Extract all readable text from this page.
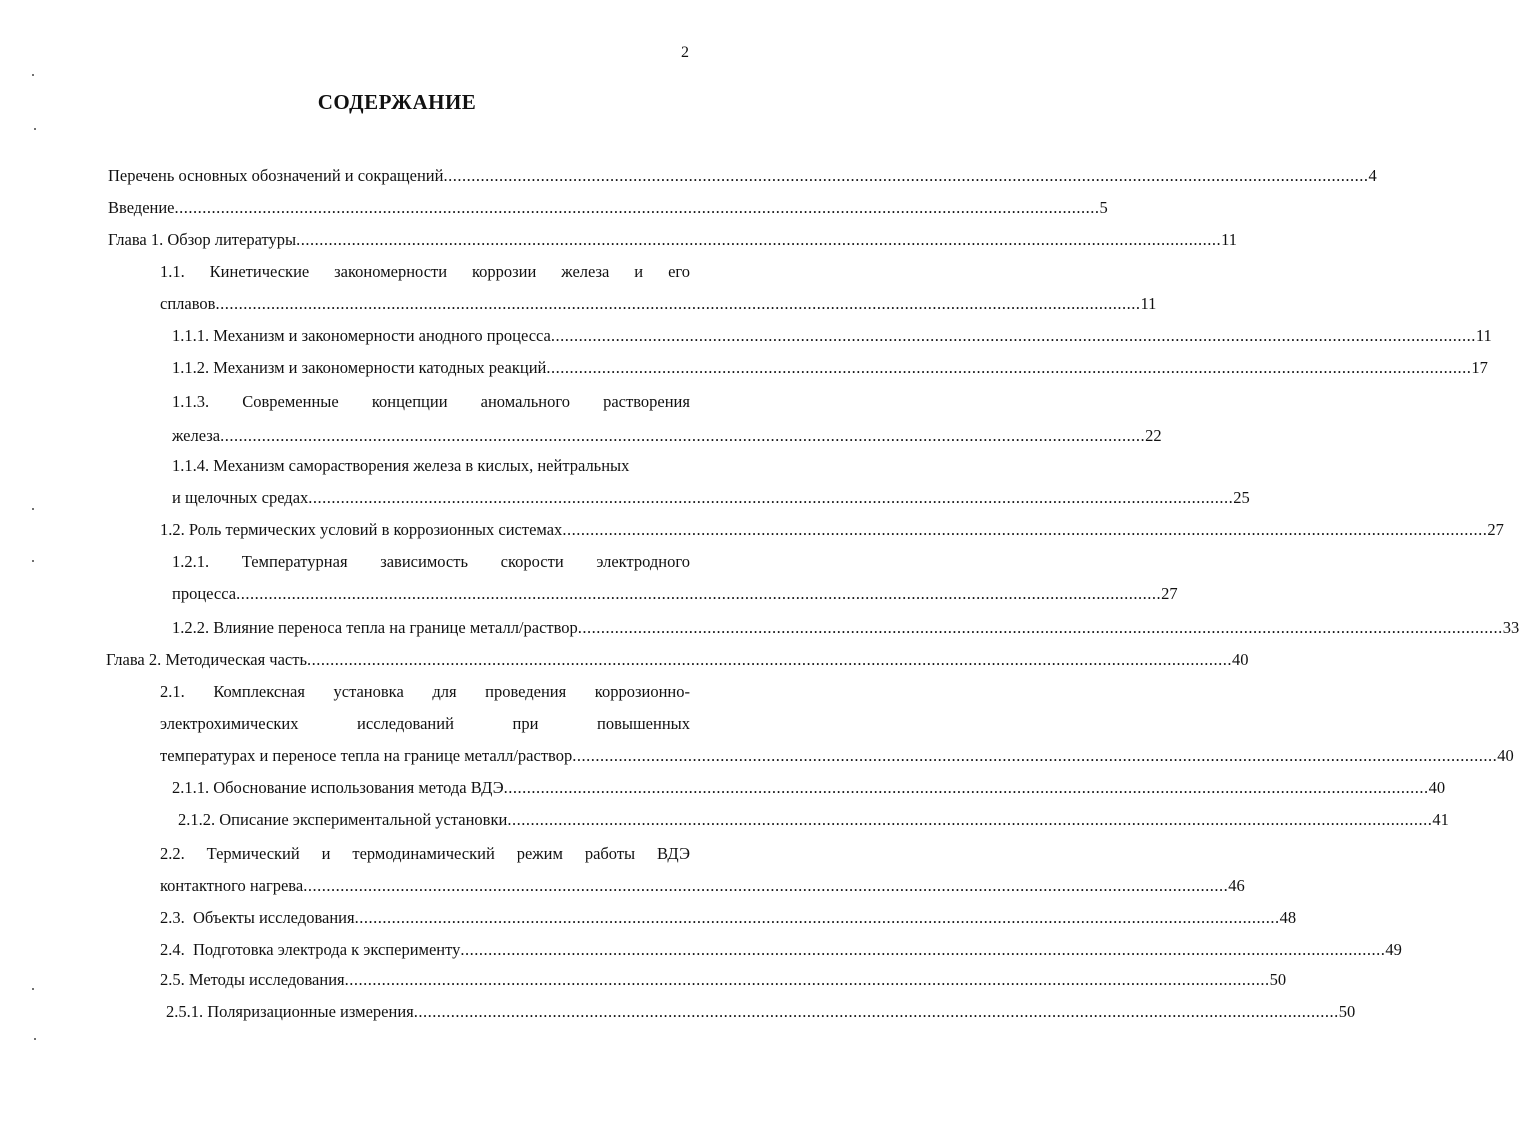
2
СОДЕРЖАНИЕ
Перечень основных обозначений и сокращений ........................................................................................................................................................................................................ 4
Введение ........................................................................................................................................................................................................ 5
Глава 1. Обзор литературы ........................................................................................................................................................................................................ 11
1.1. Кинетические закономерности коррозии железа и его
сплавов ........................................................................................................................................................................................................ 11
1.1.1. Механизм и закономерности анодного процесса ........................................................................................................................................................................................................ 11
1.1.2. Механизм и закономерности катодных реакций ........................................................................................................................................................................................................ 17
1.1.3. Современные концепции аномального растворения
железа ........................................................................................................................................................................................................ 22
1.1.4. Механизм саморастворения железа в кислых, нейтральных
и щелочных средах ........................................................................................................................................................................................................ 25
1.2. Роль термических условий в коррозионных системах ........................................................................................................................................................................................................ 27
1.2.1. Температурная зависимость скорости электродного
процесса ........................................................................................................................................................................................................ 27
1.2.2. Влияние переноса тепла на границе металл/раствор ........................................................................................................................................................................................................ 33
Глава 2. Методическая часть ........................................................................................................................................................................................................ 40
2.1. Комплексная установка для проведения коррозионно-
электрохимических	исследований	при	повышенных
температурах и переносе тепла на границе металл/раствор ........................................................................................................................................................................................................ 40
2.1.1. Обоснование использования метода ВДЭ ........................................................................................................................................................................................................ 40
2.1.2. Описание экспериментальной установки ........................................................................................................................................................................................................ 41
2.2. Термический и термодинамический режим работы ВДЭ
контактного нагрева ........................................................................................................................................................................................................ 46
2.3.  Объекты исследования ........................................................................................................................................................................................................ 48
2.4.  Подготовка электрода к эксперименту ........................................................................................................................................................................................................ 49
2.5. Методы исследования ........................................................................................................................................................................................................ 50
2.5.1. Поляризационные измерения ........................................................................................................................................................................................................ 50
